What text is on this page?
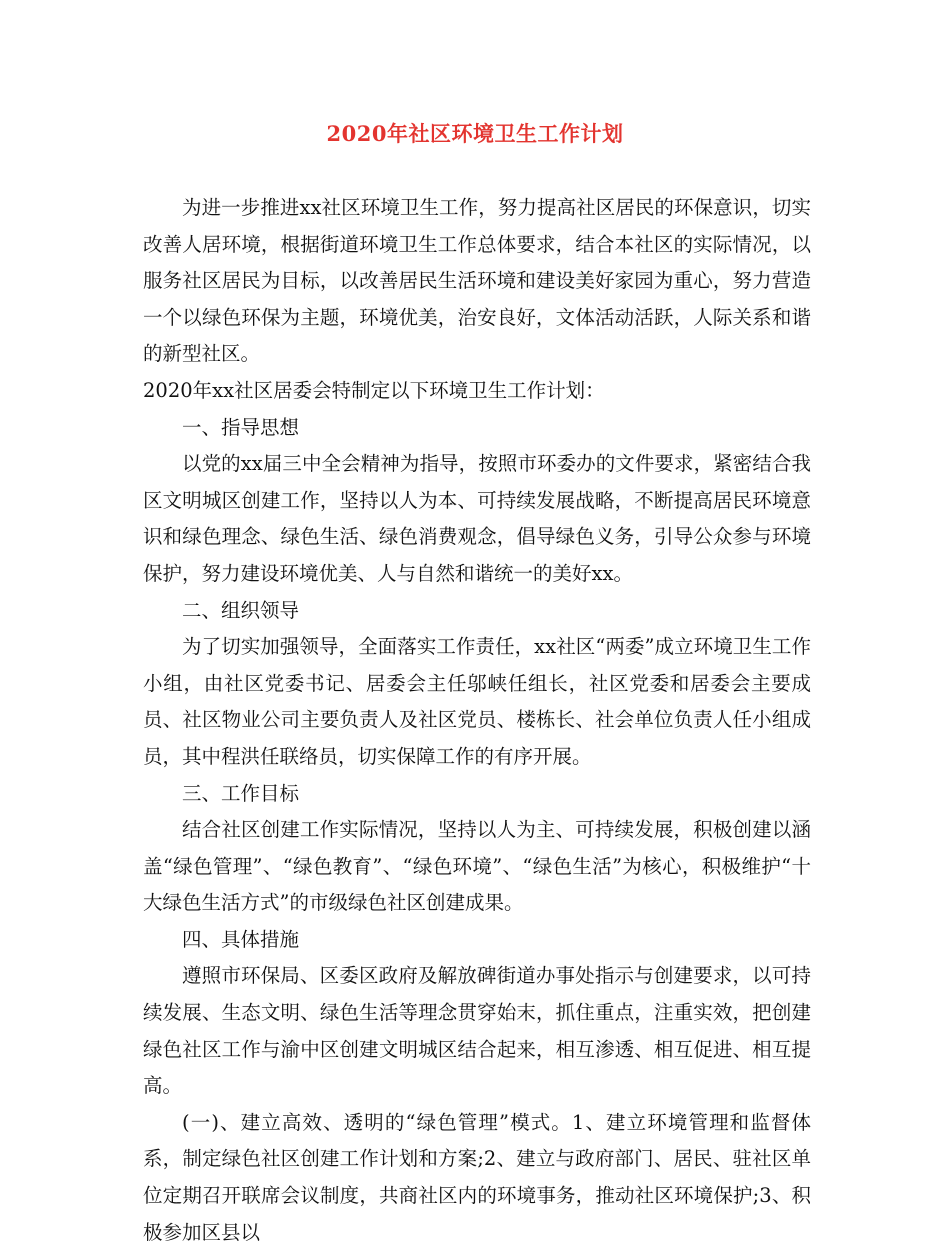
2020年社区环境卫生工作计划

为进一步推进xx社区环境卫生工作，努力提高社区居民的环保意识，切实改善人居环境，根据街道环境卫生工作总体要求，结合本社区的实际情况，以服务社区居民为目标，以改善居民生活环境和建设美好家园为重心，努力营造一个以绿色环保为主题，环境优美，治安良好，文体活动活跃，人际关系和谐的新型社区。

2020年xx社区居委会特制定以下环境卫生工作计划：

一、指导思想

以党的xx届三中全会精神为指导，按照市环委办的文件要求，紧密结合我区文明城区创建工作，坚持以人为本、可持续发展战略，不断提高居民环境意识和绿色理念、绿色生活、绿色消费观念，倡导绿色义务，引导公众参与环境保护，努力建设环境优美、人与自然和谐统一的美好xx。

二、组织领导

为了切实加强领导，全面落实工作责任，xx社区“两委”成立环境卫生工作小组，由社区党委书记、居委会主任邬峡任组长，社区党委和居委会主要成员、社区物业公司主要负责人及社区党员、楼栋长、社会单位负责人任小组成员，其中程洪任联络员，切实保障工作的有序开展。

三、工作目标

结合社区创建工作实际情况，坚持以人为主、可持续发展，积极创建以涵盖“绿色管理”、“绿色教育”、“绿色环境”、“绿色生活”为核心，积极维护“十大绿色生活方式”的市级绿色社区创建成果。

四、具体措施

遵照市环保局、区委区政府及解放碑街道办事处指示与创建要求，以可持续发展、生态文明、绿色生活等理念贯穿始末，抓住重点，注重实效，把创建绿色社区工作与渝中区创建文明城区结合起来，相互渗透、相互促进、相互提高。

(一)、建立高效、透明的“绿色管理”模式。1、建立环境管理和监督体系，制定绿色社区创建工作计划和方案;2、建立与政府部门、居民、驻社区单位定期召开联席会议制度，共商社区内的环境事务，推动社区环境保护;3、积极参加区县以
